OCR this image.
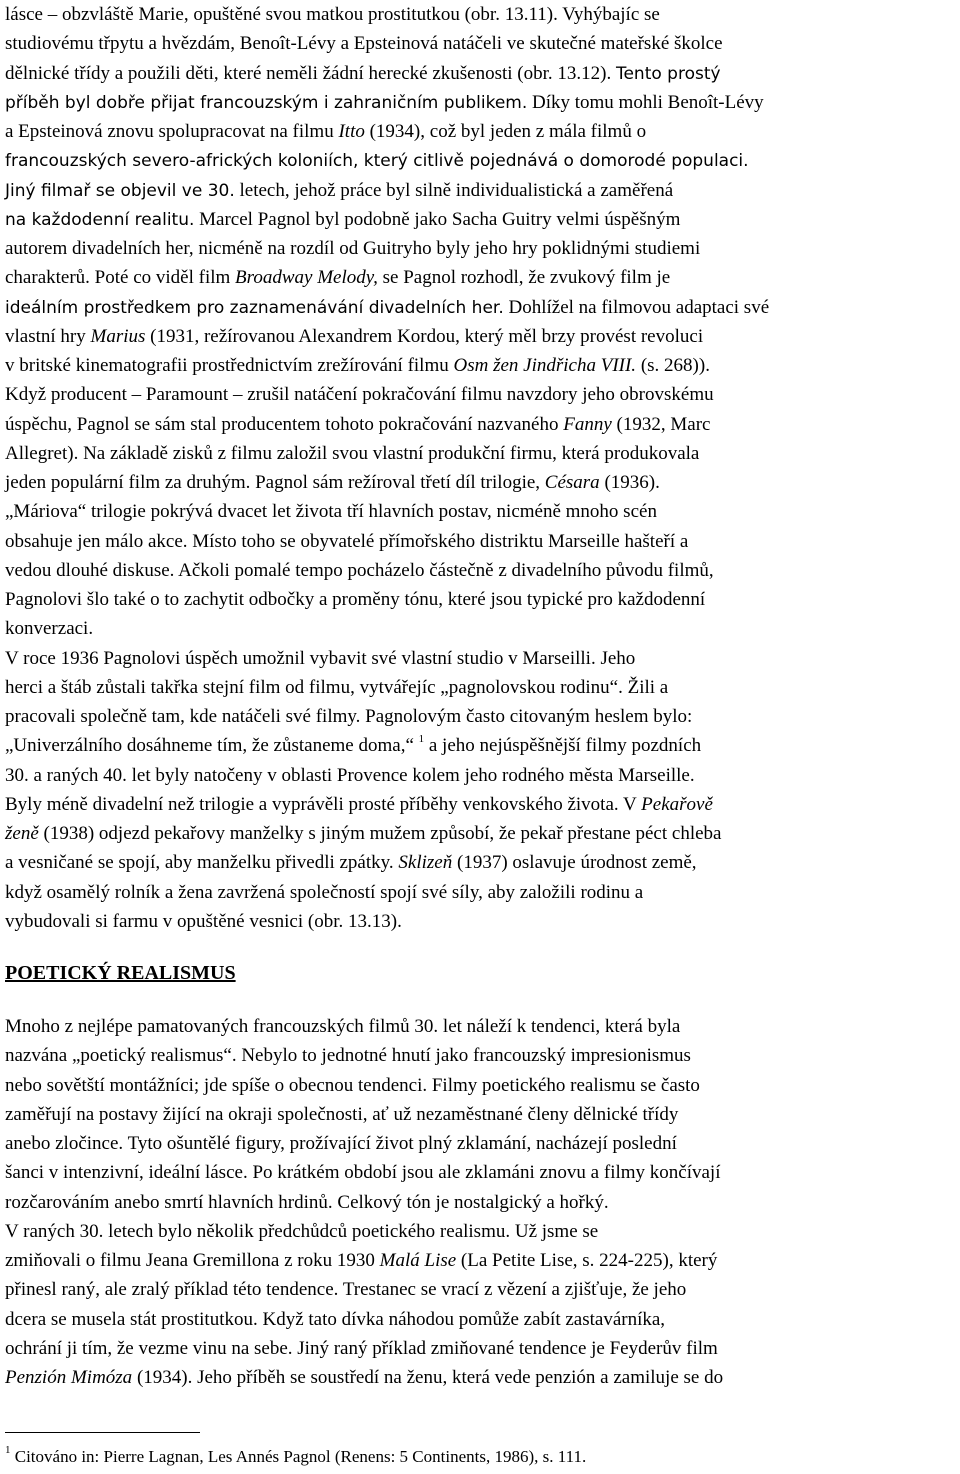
lásce – obzvláště Marie, opuštěné svou matkou prostitutkou (obr. 13.11). Vyhýbajíc se
studiovému třpytu a hvězdám, Benoît-Lévy a Epsteinová natáčeli ve skutečné mateřské školce
dělnické třídy a použili děti, které neměli žádní herecké zkušenosti (obr. 13.12). Tento prostý
příběh byl dobře přijat francouzským i zahraničním publikem. Díky tomu mohli Benoît-Lévy
a Epsteinová znovu spolupracovat na filmu Itto (1934), což byl jeden z mála filmů o
francouzských severo-afrických koloniích, který citlivě pojednává o domorodé populaci.
Jiný filmař se objevil ve 30. letech, jehož práce byl silně individualistická a zaměřená
na každodenní realitu. Marcel Pagnol byl podobně jako Sacha Guitry velmi úspěšným
autorem divadelních her, nicméně na rozdíl od Guitryho byly jeho hry poklidnými studiemi
charakterů. Poté co viděl film Broadway Melody, se Pagnol rozhodl, že zvukový film je
ideálním prostředkem pro zaznamenávání divadelních her. Dohlížel na filmovou adaptaci své
vlastní hry Marius (1931, režírovanou Alexandrem Kordou, který měl brzy provést revoluci
v britské kinematografii prostřednictvím zrežírování filmu Osm žen Jindřicha VIII. (s. 268)).
Když producent – Paramount – zrušil natáčení pokračování filmu navzdory jeho obrovskému
úspěchu, Pagnol se sám stal producentem tohoto pokračování nazvaného Fanny (1932, Marc
Allegret). Na základě zisků z filmu založil svou vlastní produkční firmu, která produkovala
jeden populární film za druhým. Pagnol sám režíroval třetí díl trilogie, Césara (1936).
„Máriova“ trilogie pokrývá dvacet let života tří hlavních postav, nicméně mnoho scén
obsahuje jen málo akce. Místo toho se obyvatelé přímořského distriktu Marseille hašteří a
vedou dlouhé diskuse. Ačkoli pomalé tempo pocházelo částečně z divadelního původu filmů,
Pagnolovi šlo také o to zachytit odbočky a proměny tónu, které jsou typické pro každodenní
konverzaci.
V roce 1936 Pagnolovi úspěch umožnil vybavit své vlastní studio v Marseilli. Jeho
herci a štáb zůstali takřka stejní film od filmu, vytvářejíc „pagnolovskou rodinu“. Žili a
pracovali společně tam, kde natáčeli své filmy. Pagnolovým často citovaným heslem bylo:
„Univerzálního dosáhneme tím, že zůstaneme doma,“ $^1$ a jeho nejúspěšnější filmy pozdních
30. a raných 40. let byly natočeny v oblasti Provence kolem jeho rodného města Marseille.
Byly méně divadelní než trilogie a vyprávěli prosté příběhy venkovského života. V Pekařově
ženě (1938) odjezd pekařovy manželky s jiným mužem způsobí, že pekař přestane péct chleba
a vesničané se spojí, aby manželku přivedli zpátky. Sklizeň (1937) oslavuje úrodnost země,
když osamělý rolník a žena zavržená společností spojí své síly, aby založili rodinu a
vybudovali si farmu v opuštěné vesnici (obr. 13.13).
POETICKÝ REALISMUS
Mnoho z nejlépe pamatovaných francouzských filmů 30. let náleží k tendenci, která byla
nazvána „poetický realismus“. Nebylo to jednotné hnutí jako francouzský impresionismus
nebo sovětští montážníci; jde spíše o obecnou tendenci. Filmy poetického realismu se často
zaměřují na postavy žijící na okraji společnosti, ať už nezaměstnané členy dělnické třídy
anebo zločince. Tyto ošuntělé figury, prožívající život plný zklamání, nacházejí poslední
šanci v intenzivní, ideální lásce. Po krátkém období jsou ale zklamáni znovu a filmy končívají
rozčarováním anebo smrtí hlavních hrdinů. Celkový tón je nostalgický a hořký.
V raných 30. letech bylo několik předchůdců poetického realismu. Už jsme se
zmiňovali o filmu Jeana Gremillona z roku 1930 Malá Lise (La Petite Lise, s. 224-225), který
přinesl raný, ale zralý příklad této tendence. Trestanec se vrací z vězení a zjišťuje, že jeho
dcera se musela stát prostitutkou. Když tato dívka náhodou pomůže zabít zastavárníka,
ochrání ji tím, že vezme vinu na sebe. Jiný raný příklad zmiňované tendence je Feyderův film
Penzión Mimóza (1934). Jeho příběh se soustředí na ženu, která vede penzión a zamiluje se do
$^1$ Citováno in: Pierre Lagnan, Les Annés Pagnol (Renens: 5 Continents, 1986), s. 111.
